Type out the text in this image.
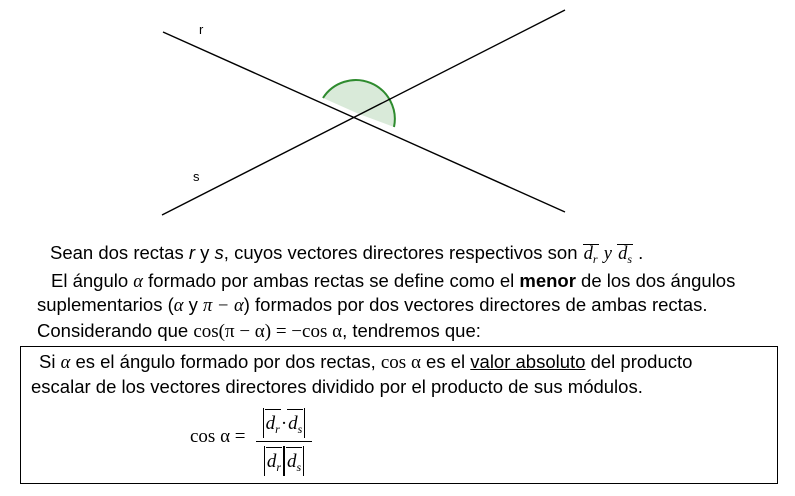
r
s
Sean dos rectas r y s, cuyos vectores directores respectivos son $d_r$ y $d_s$ .
El ángulo α formado por ambas rectas se define como el menor de los dos ángulos
suplementarios (α y π − α) formados por dos vectores directores de ambas rectas.
Considerando que cos(π − α) = −cos α, tendremos que:
Si α es el ángulo formado por dos rectas, cos α es el valor absoluto del producto
escalar de los vectores directores dividido por el producto de sus módulos.
cos α =
$d_r\cdot d_s$
$d_r$ $d_s$
